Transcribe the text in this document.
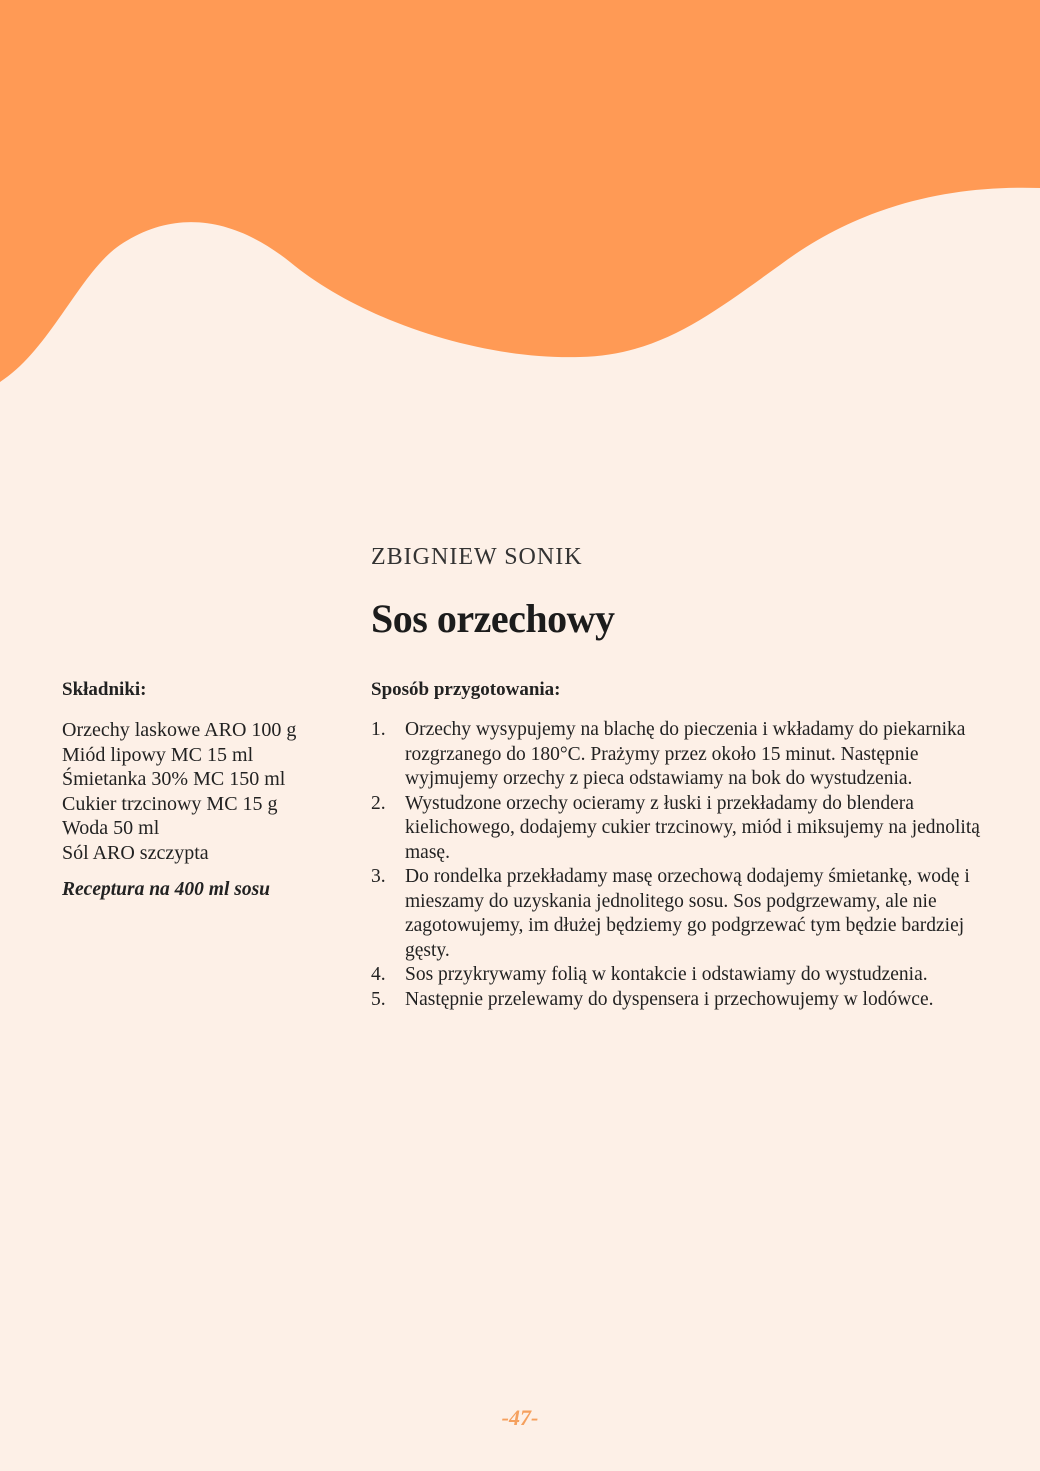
ZBIGNIEW SONIK

Sos orzechowy
Składniki:
Orzechy laskowe ARO 100 g
Miód lipowy MC 15 ml
Śmietanka 30% MC 150 ml
Cukier trzcinowy MC 15 g
Woda 50 ml
Sól ARO szczypta

Receptura na 400 ml sosu

Sposób przygotowania:
1. Orzechy wysypujemy na blachę do pieczenia i wkładamy do piekarnika rozgrzanego do 180°C. Prażymy przez około 15 minut. Następnie wyjmujemy orzechy z pieca odstawiamy na bok do wystudzenia.
2. Wystudzone orzechy ocieramy z łuski i przekładamy do blendera kielichowego, dodajemy cukier trzcinowy, miód i miksujemy na jednolitą masę.
3. Do rondelka przekładamy masę orzechową dodajemy śmietankę, wodę i mieszamy do uzyskania jednolitego sosu. Sos podgrzewamy, ale nie zagotowujemy, im dłużej będziemy go podgrzewać tym będzie bardziej gęsty.
4. Sos przykrywamy folią w kontakcie i odstawiamy do wystudzenia.
5. Następnie przelewamy do dyspensera i przechowujemy w lodówce.

-47-
